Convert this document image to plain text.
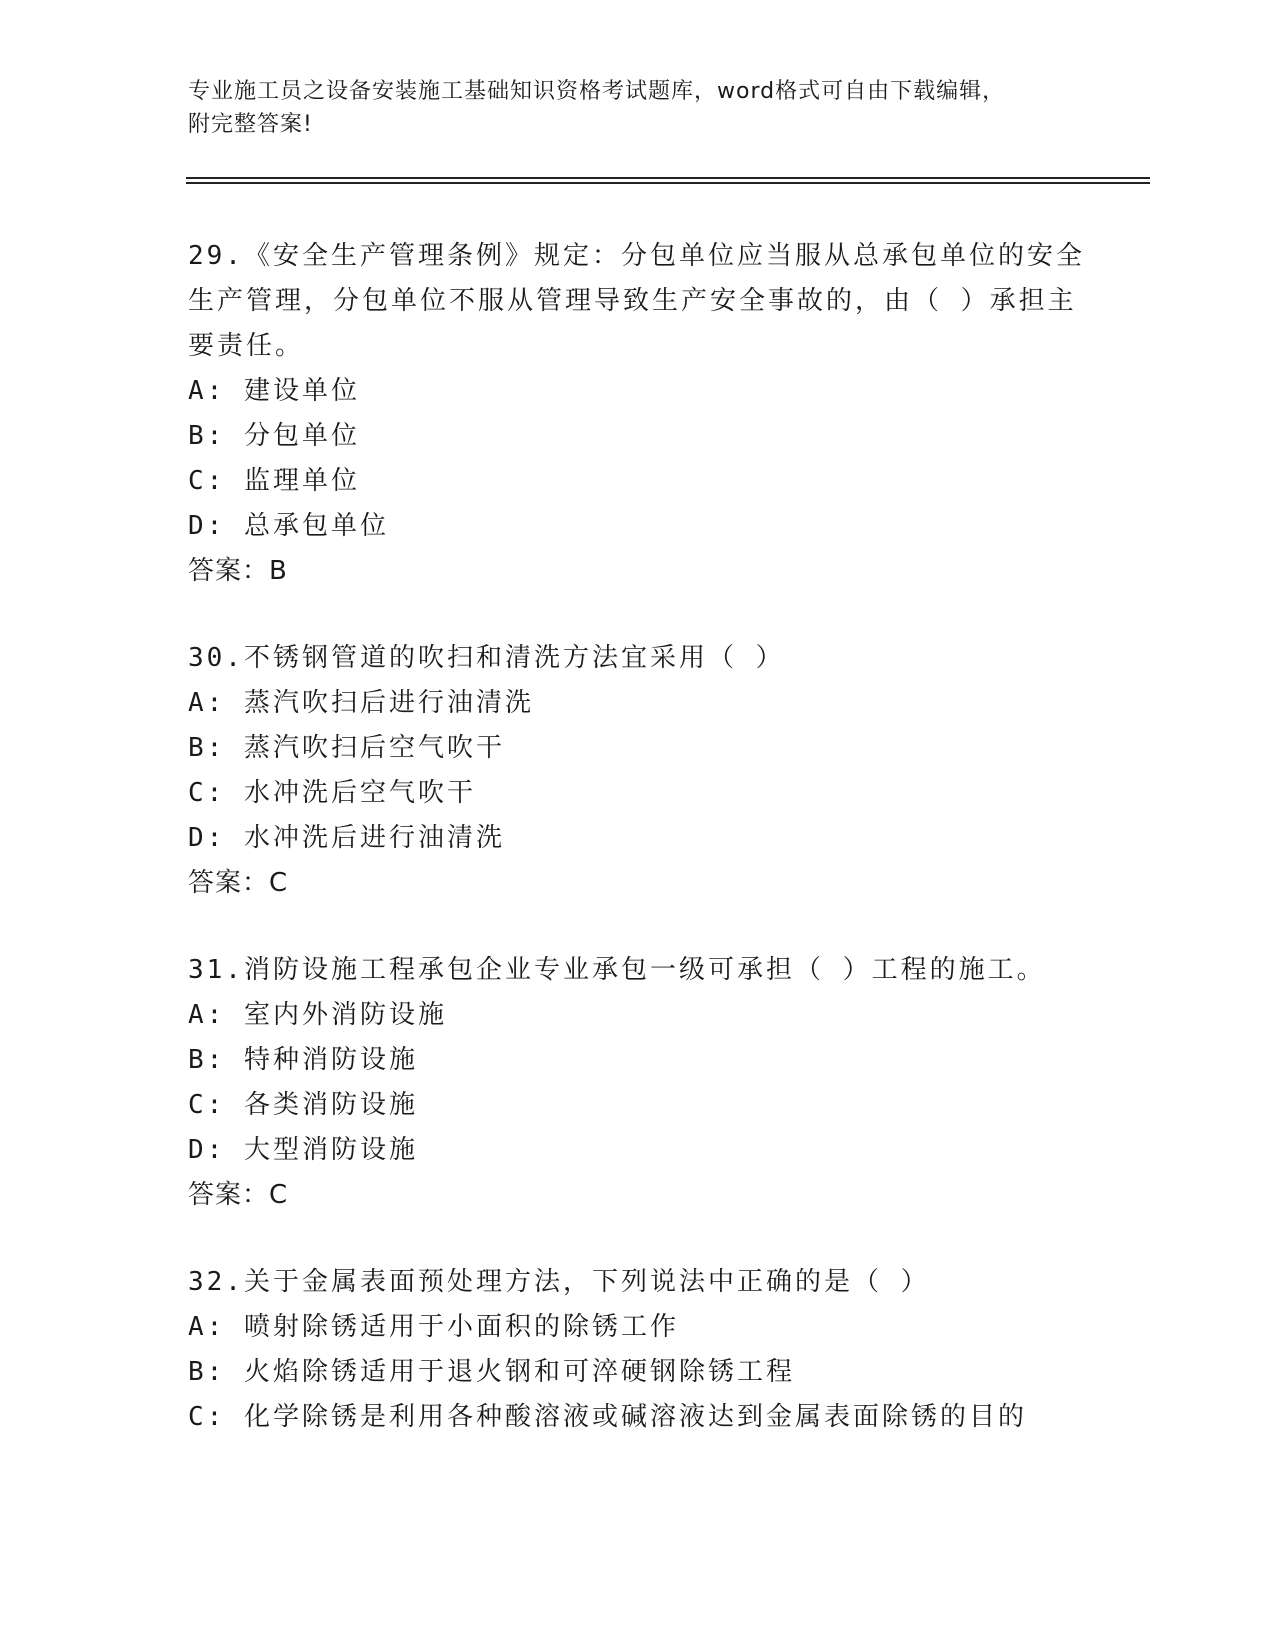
专业施工员之设备安装施工基础知识资格考试题库，word格式可自由下载编辑，
附完整答案!
29.《安全生产管理条例》规定：分包单位应当服从总承包单位的安全
生产管理，分包单位不服从管理导致生产安全事故的，由（ ）承担主
要责任。
A: 建设单位
B: 分包单位
C: 监理单位
D: 总承包单位
答案：B
30.不锈钢管道的吹扫和清洗方法宜采用（ ）
A: 蒸汽吹扫后进行油清洗
B: 蒸汽吹扫后空气吹干
C: 水冲洗后空气吹干
D: 水冲洗后进行油清洗
答案：C
31.消防设施工程承包企业专业承包一级可承担（ ）工程的施工。
A: 室内外消防设施
B: 特种消防设施
C: 各类消防设施
D: 大型消防设施
答案：C
32.关于金属表面预处理方法，下列说法中正确的是（ ）
A: 喷射除锈适用于小面积的除锈工作
B: 火焰除锈适用于退火钢和可淬硬钢除锈工程
C: 化学除锈是利用各种酸溶液或碱溶液达到金属表面除锈的目的
